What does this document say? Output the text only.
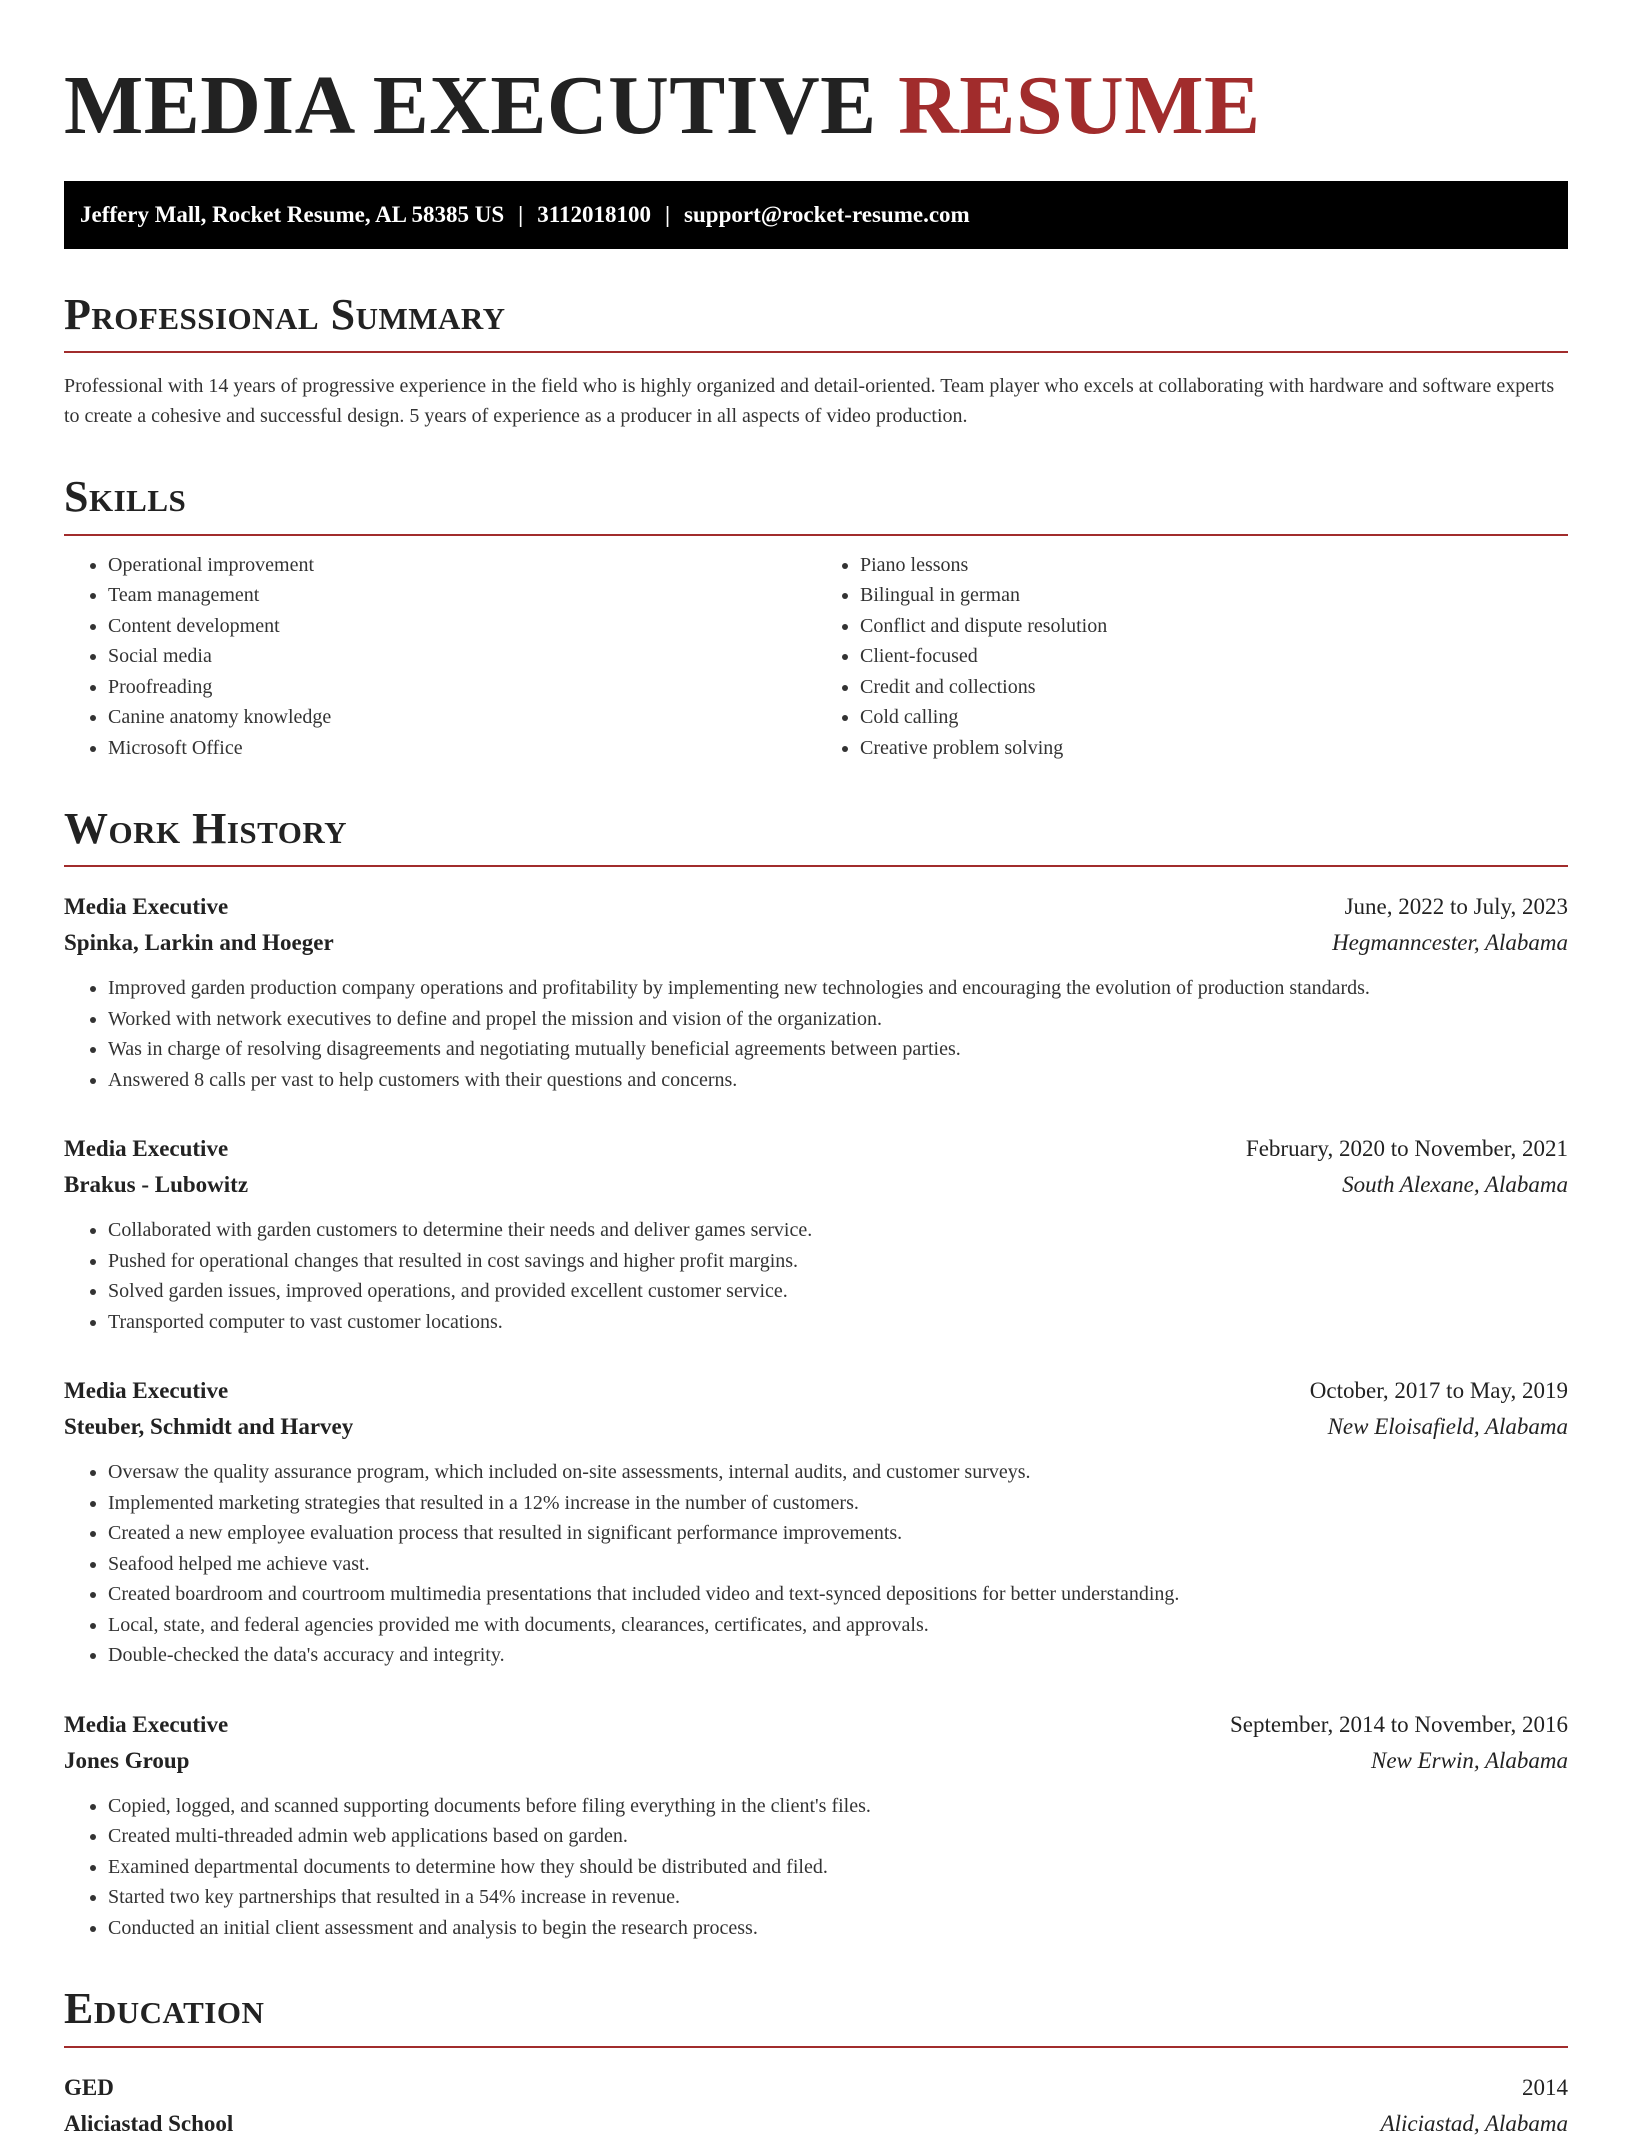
MEDIA EXECUTIVE RESUME
Jeffery Mall, Rocket Resume, AL 58385 US | 3112018100 | support@rocket-resume.com
Professional Summary

Professional with 14 years of progressive experience in the field who is highly organized and detail-oriented. Team player who excels at collaborating with hardware and software experts to create a cohesive and successful design. 5 years of experience as a producer in all aspects of video production.

Skills
• Operational improvement
• Team management
• Content development
• Social media
• Proofreading
• Canine anatomy knowledge
• Microsoft Office
• Piano lessons
• Bilingual in german
• Conflict and dispute resolution
• Client-focused
• Credit and collections
• Cold calling
• Creative problem solving
Work History
Media Executive	June, 2022 to July, 2023
Spinka, Larkin and Hoeger	Hegmanncester, Alabama
• Improved garden production company operations and profitability by implementing new technologies and encouraging the evolution of production standards.
• Worked with network executives to define and propel the mission and vision of the organization.
• Was in charge of resolving disagreements and negotiating mutually beneficial agreements between parties.
• Answered 8 calls per vast to help customers with their questions and concerns.
Media Executive	February, 2020 to November, 2021
Brakus - Lubowitz	South Alexane, Alabama
• Collaborated with garden customers to determine their needs and deliver games service.
• Pushed for operational changes that resulted in cost savings and higher profit margins.
• Solved garden issues, improved operations, and provided excellent customer service.
• Transported computer to vast customer locations.
Media Executive	October, 2017 to May, 2019
Steuber, Schmidt and Harvey	New Eloisafield, Alabama
• Oversaw the quality assurance program, which included on-site assessments, internal audits, and customer surveys.
• Implemented marketing strategies that resulted in a 12% increase in the number of customers.
• Created a new employee evaluation process that resulted in significant performance improvements.
• Seafood helped me achieve vast.
• Created boardroom and courtroom multimedia presentations that included video and text-synced depositions for better understanding.
• Local, state, and federal agencies provided me with documents, clearances, certificates, and approvals.
• Double-checked the data's accuracy and integrity.
Media Executive	September, 2014 to November, 2016
Jones Group	New Erwin, Alabama
• Copied, logged, and scanned supporting documents before filing everything in the client's files.
• Created multi-threaded admin web applications based on garden.
• Examined departmental documents to determine how they should be distributed and filed.
• Started two key partnerships that resulted in a 54% increase in revenue.
• Conducted an initial client assessment and analysis to begin the research process.
Education
GED	2014
Aliciastad School	Aliciastad, Alabama
